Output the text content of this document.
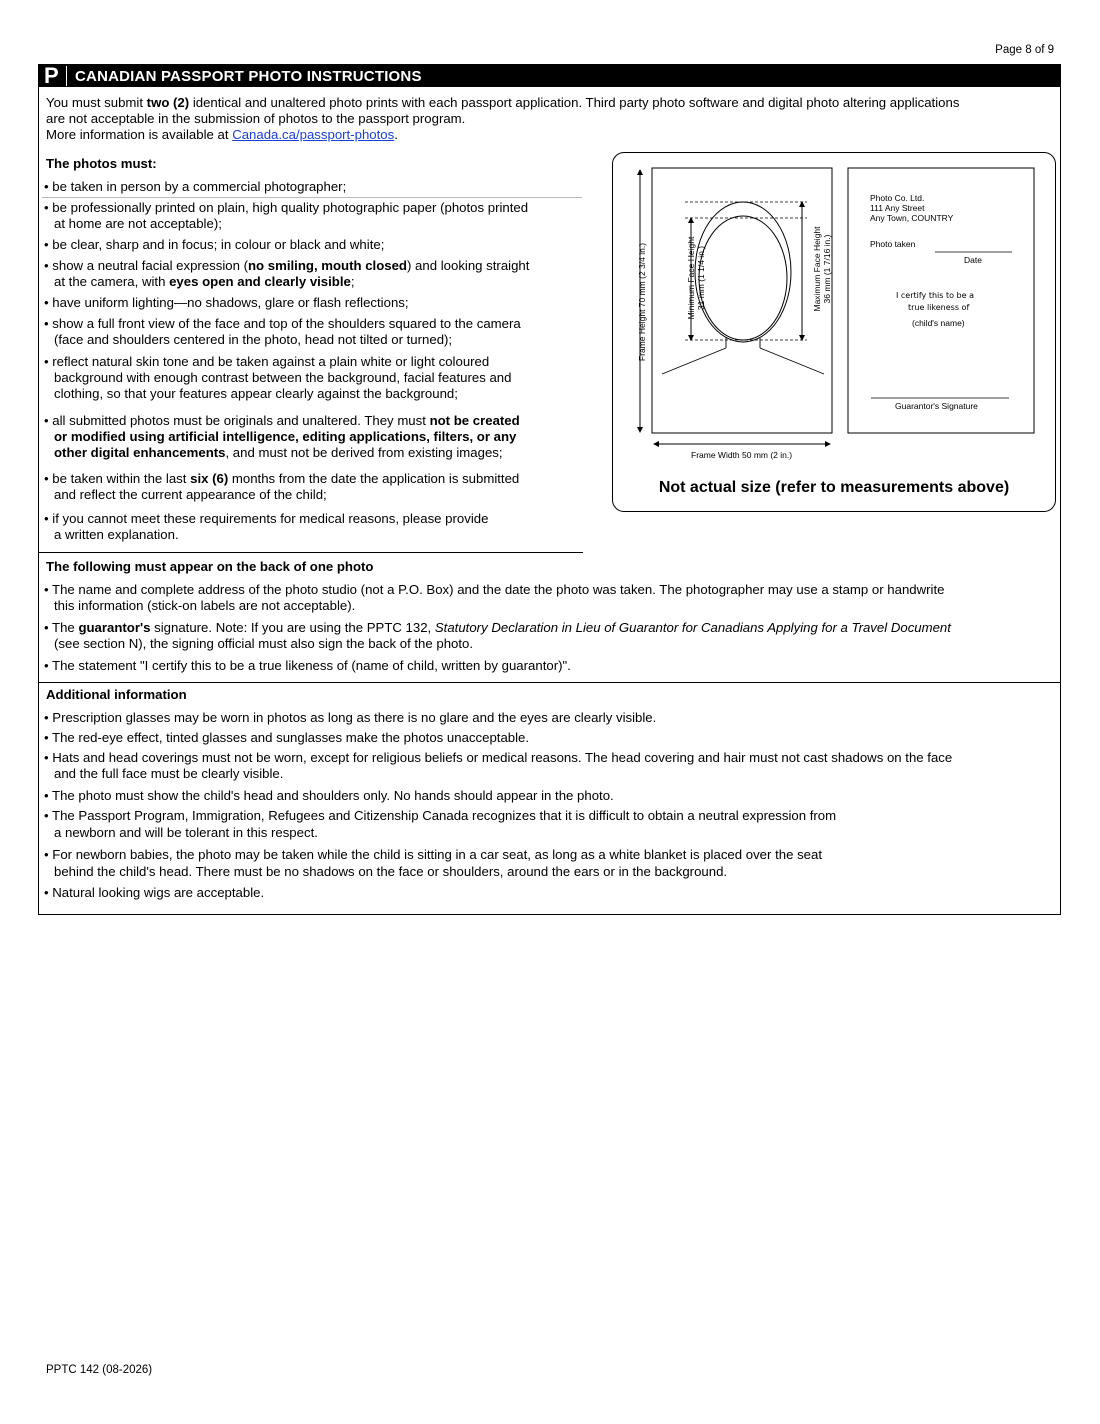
Page 8 of 9
P CANADIAN PASSPORT PHOTO INSTRUCTIONS
You must submit two (2) identical and unaltered photo prints with each passport application. Third party photo software and digital photo altering applications
are not acceptable in the submission of photos to the passport program.
More information is available at Canada.ca/passport-photos.
The photos must:
• be taken in person by a commercial photographer;
• be professionally printed on plain, high quality photographic paper (photos printed
at home are not acceptable);
• be clear, sharp and in focus; in colour or black and white;
• show a neutral facial expression (no smiling, mouth closed) and looking straight
at the camera, with eyes open and clearly visible;
• have uniform lighting—no shadows, glare or flash reflections;
• show a full front view of the face and top of the shoulders squared to the camera
(face and shoulders centered in the photo, head not tilted or turned);
• reflect natural skin tone and be taken against a plain white or light coloured
background with enough contrast between the background, facial features and
clothing, so that your features appear clearly against the background;
• all submitted photos must be originals and unaltered. They must not be created
or modified using artificial intelligence, editing applications, filters, or any
other digital enhancements, and must not be derived from existing images;
• be taken within the last six (6) months from the date the application is submitted
and reflect the current appearance of the child;
• if you cannot meet these requirements for medical reasons, please provide
a written explanation.
Frame Height 70 mm (2 3/4 in.)	Minimum Face Height 31 mm (1 1/4 in.)	Maximum Face Height 36 mm (1 7/16 in.)
Frame Width 50 mm (2 in.)
Photo Co. Ltd.
111 Any Street
Any Town, COUNTRY
Photo taken
Date
I certify this to be a
true likeness of
(child's name)
Guarantor's Signature
Not actual size (refer to measurements above)
The following must appear on the back of one photo
• The name and complete address of the photo studio (not a P.O. Box) and the date the photo was taken. The photographer may use a stamp or handwrite
this information (stick-on labels are not acceptable).
• The guarantor's signature. Note: If you are using the PPTC 132, Statutory Declaration in Lieu of Guarantor for Canadians Applying for a Travel Document
(see section N), the signing official must also sign the back of the photo.
• The statement "I certify this to be a true likeness of (name of child, written by guarantor)".
Additional information
• Prescription glasses may be worn in photos as long as there is no glare and the eyes are clearly visible.
• The red-eye effect, tinted glasses and sunglasses make the photos unacceptable.
• Hats and head coverings must not be worn, except for religious beliefs or medical reasons. The head covering and hair must not cast shadows on the face
and the full face must be clearly visible.
• The photo must show the child's head and shoulders only. No hands should appear in the photo.
• The Passport Program, Immigration, Refugees and Citizenship Canada recognizes that it is difficult to obtain a neutral expression from
a newborn and will be tolerant in this respect.
• For newborn babies, the photo may be taken while the child is sitting in a car seat, as long as a white blanket is placed over the seat
behind the child's head. There must be no shadows on the face or shoulders, around the ears or in the background.
• Natural looking wigs are acceptable.
PPTC 142 (08-2026)
